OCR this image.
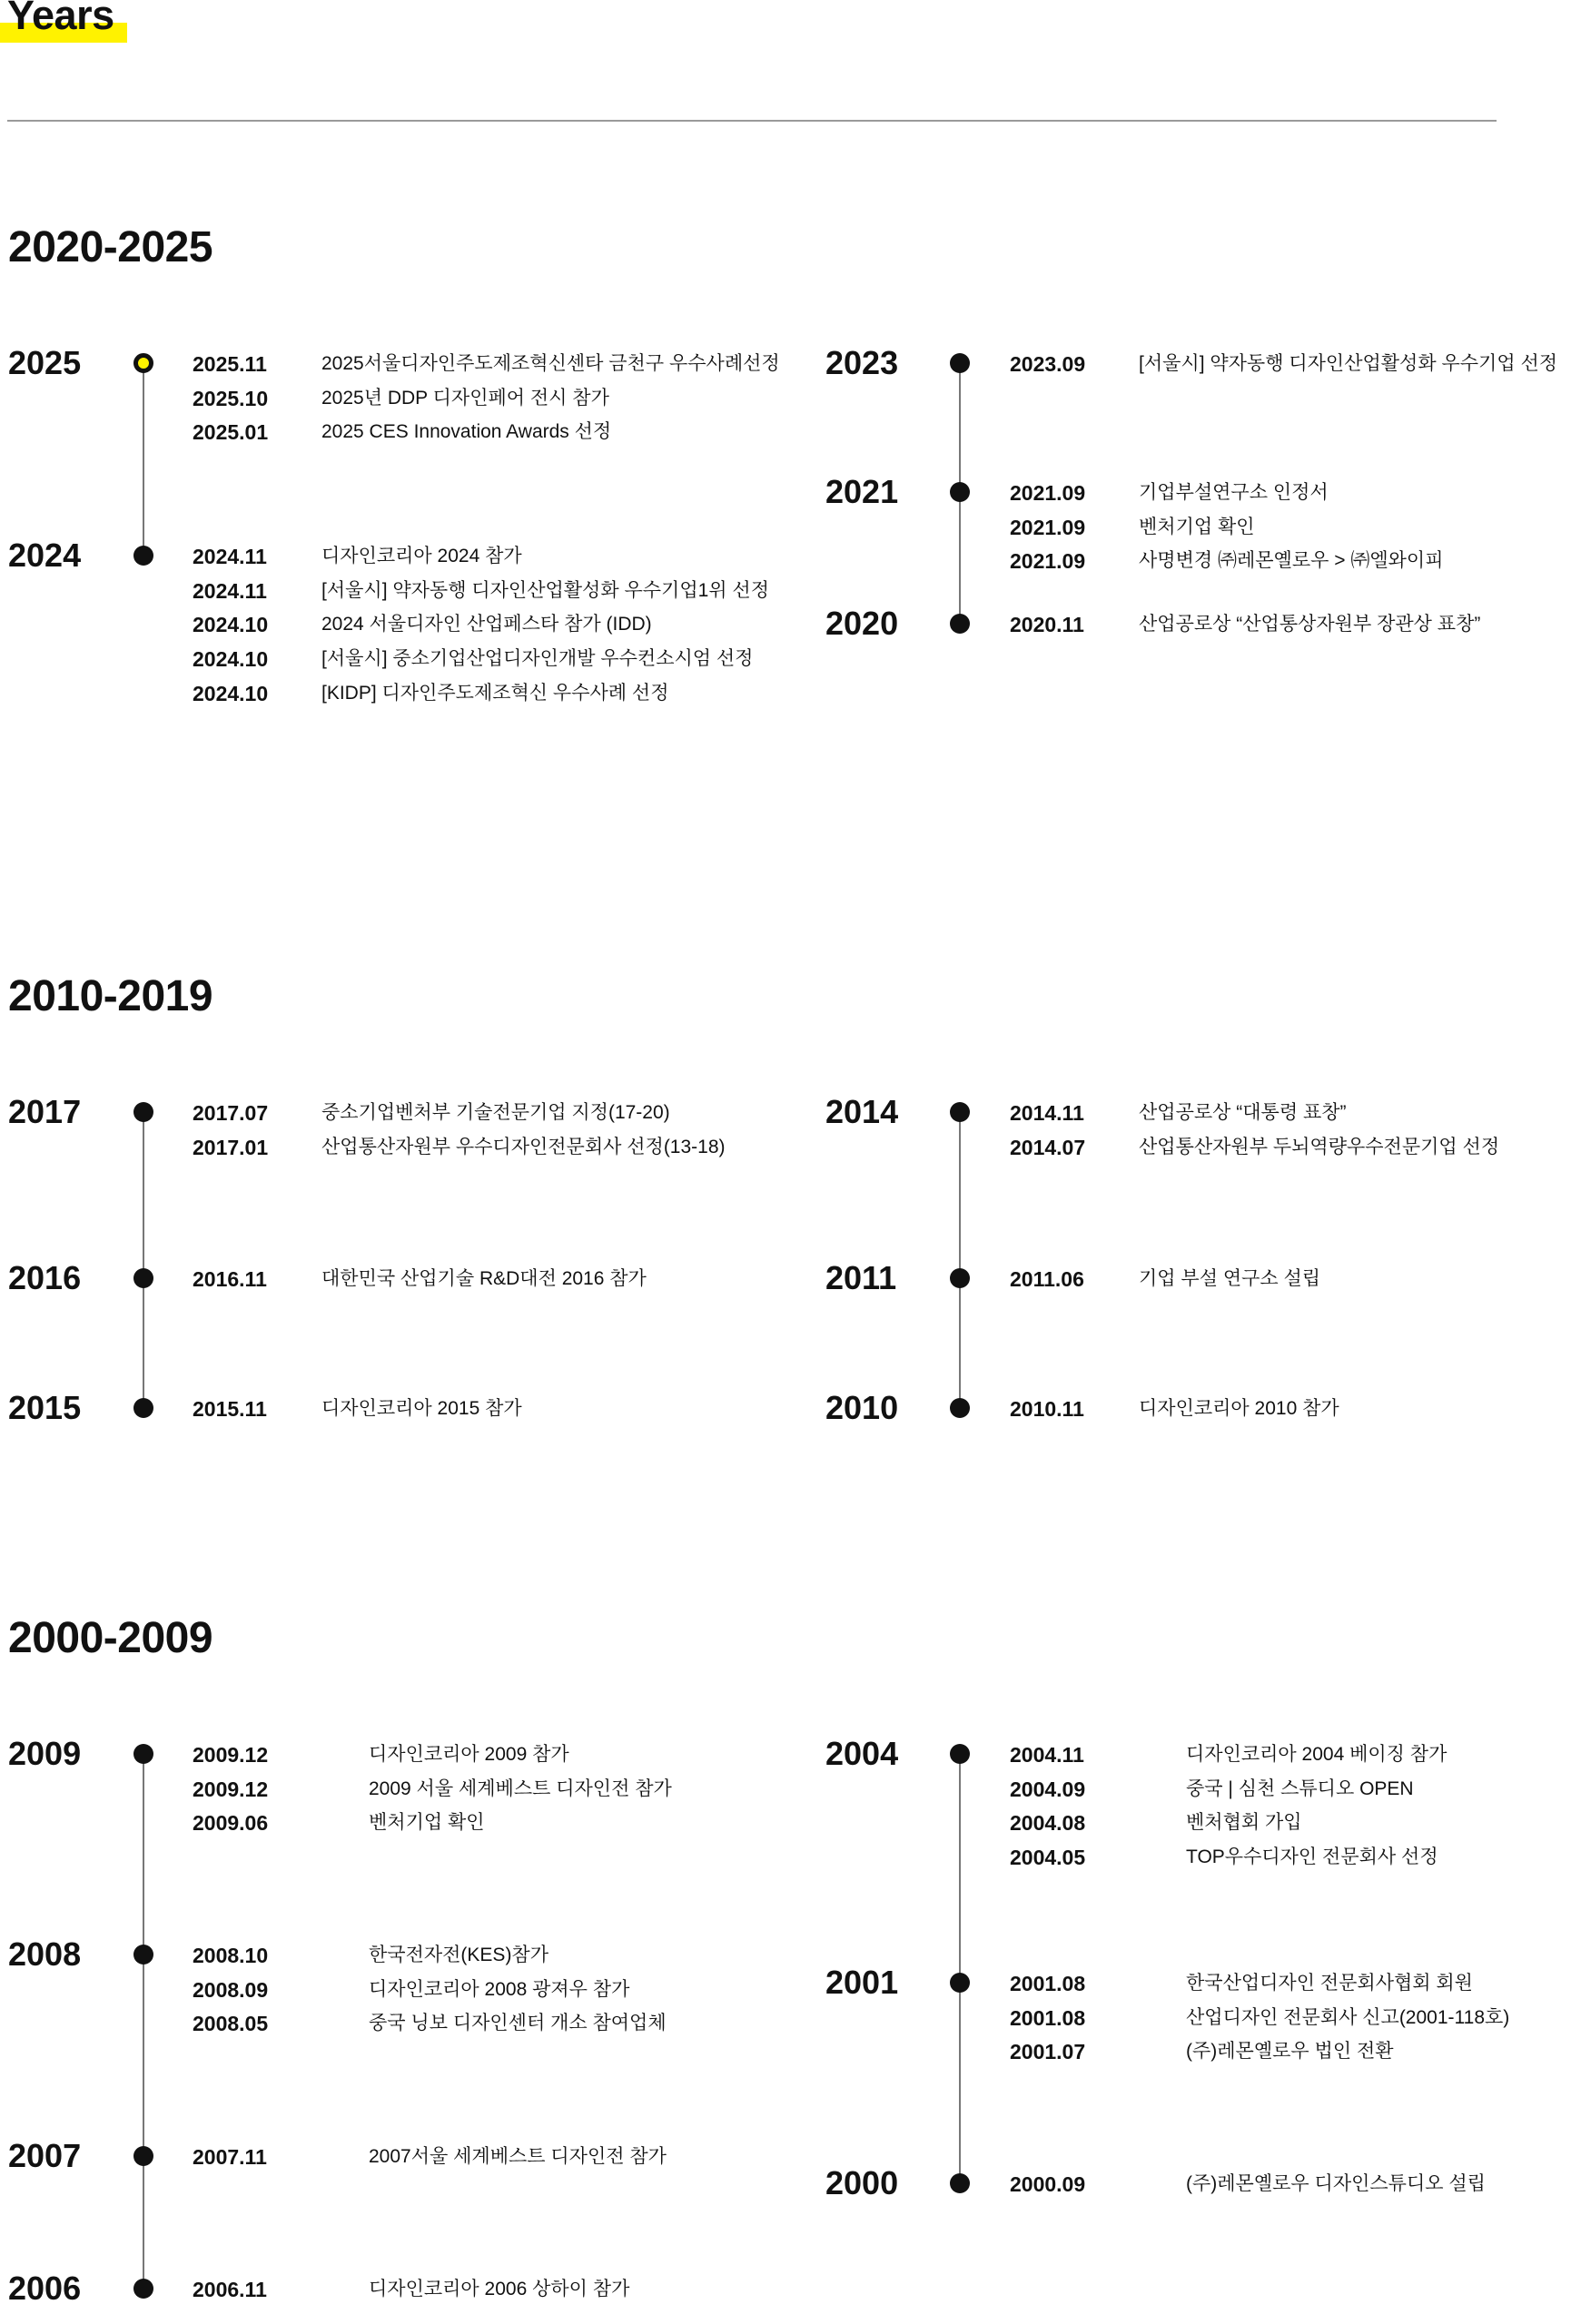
Years
2020-2025
2025	2025.11	2025서울디자인주도제조혁신센타 금천구 우수사례선정
2025.10	2025년 DDP 디자인페어 전시 참가
2025.01	2025 CES Innovation Awards 선정
2024	2024.11	디자인코리아 2024 참가
2024.11	[서울시] 약자동행 디자인산업활성화 우수기업1위 선정
2024.10	2024 서울디자인 산업페스타 참가 (IDD)
2024.10	[서울시] 중소기업산업디자인개발 우수컨소시엄 선정
2024.10	[KIDP] 디자인주도제조혁신 우수사례 선정
2023	2023.09	[서울시] 약자동행 디자인산업활성화 우수기업 선정
2021	2021.09	기업부설연구소 인정서
2021.09	벤처기업 확인
2021.09	사명변경 ㈜레몬옐로우 > ㈜엘와이피
2020	2020.11	산업공로상 “산업통상자원부 장관상 표창”
2010-2019
2017	2017.07	중소기업벤처부 기술전문기업 지정(17-20)
2017.01	산업통산자원부 우수디자인전문회사 선정(13-18)
2016	2016.11	대한민국 산업기술 R&D대전 2016 참가
2015	2015.11	디자인코리아 2015 참가
2014	2014.11	산업공로상 “대통령 표창”
2014.07	산업통산자원부 두뇌역량우수전문기업 선정
2011	2011.06	기업 부설 연구소 설립
2010	2010.11	디자인코리아 2010 참가
2000-2009
2009	2009.12	디자인코리아 2009 참가
2009.12	2009 서울 세계베스트 디자인전 참가
2009.06	벤처기업 확인
2008	2008.10	한국전자전(KES)참가
2008.09	디자인코리아 2008 광져우 참가
2008.05	중국 닝보 디자인센터 개소 참여업체
2007	2007.11	2007서울 세계베스트 디자인전 참가
2006	2006.11	디자인코리아 2006 상하이 참가
2004	2004.11	디자인코리아 2004 베이징 참가
2004.09	중국 | 심천 스튜디오 OPEN
2004.08	벤처협회 가입
2004.05	TOP우수디자인 전문회사 선정
2001	2001.08	한국산업디자인 전문회사협회 회원
2001.08	산업디자인 전문회사 신고(2001-118호)
2001.07	(주)레몬옐로우 법인 전환
2000	2000.09	(주)레몬옐로우 디자인스튜디오 설립
